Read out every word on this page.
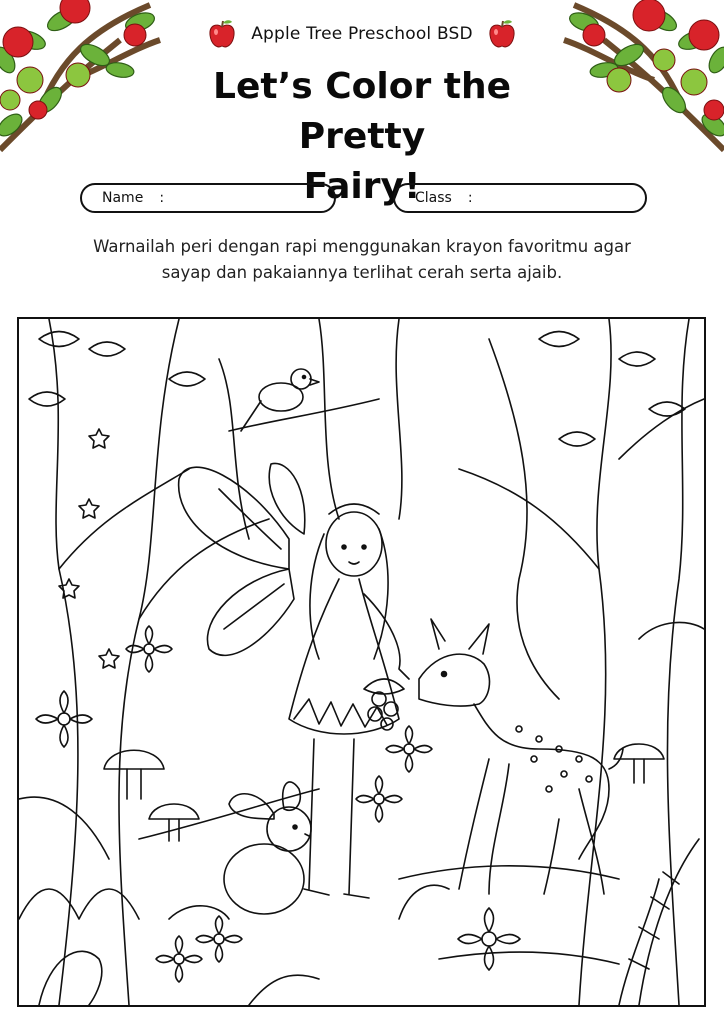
Apple Tree Preschool BSD
Let’s Color the Pretty
Fairy!
Name :	Class :

Warnailah peri dengan rapi menggunakan krayon favoritmu agar
sayap dan pakaiannya terlihat cerah serta ajaib.
